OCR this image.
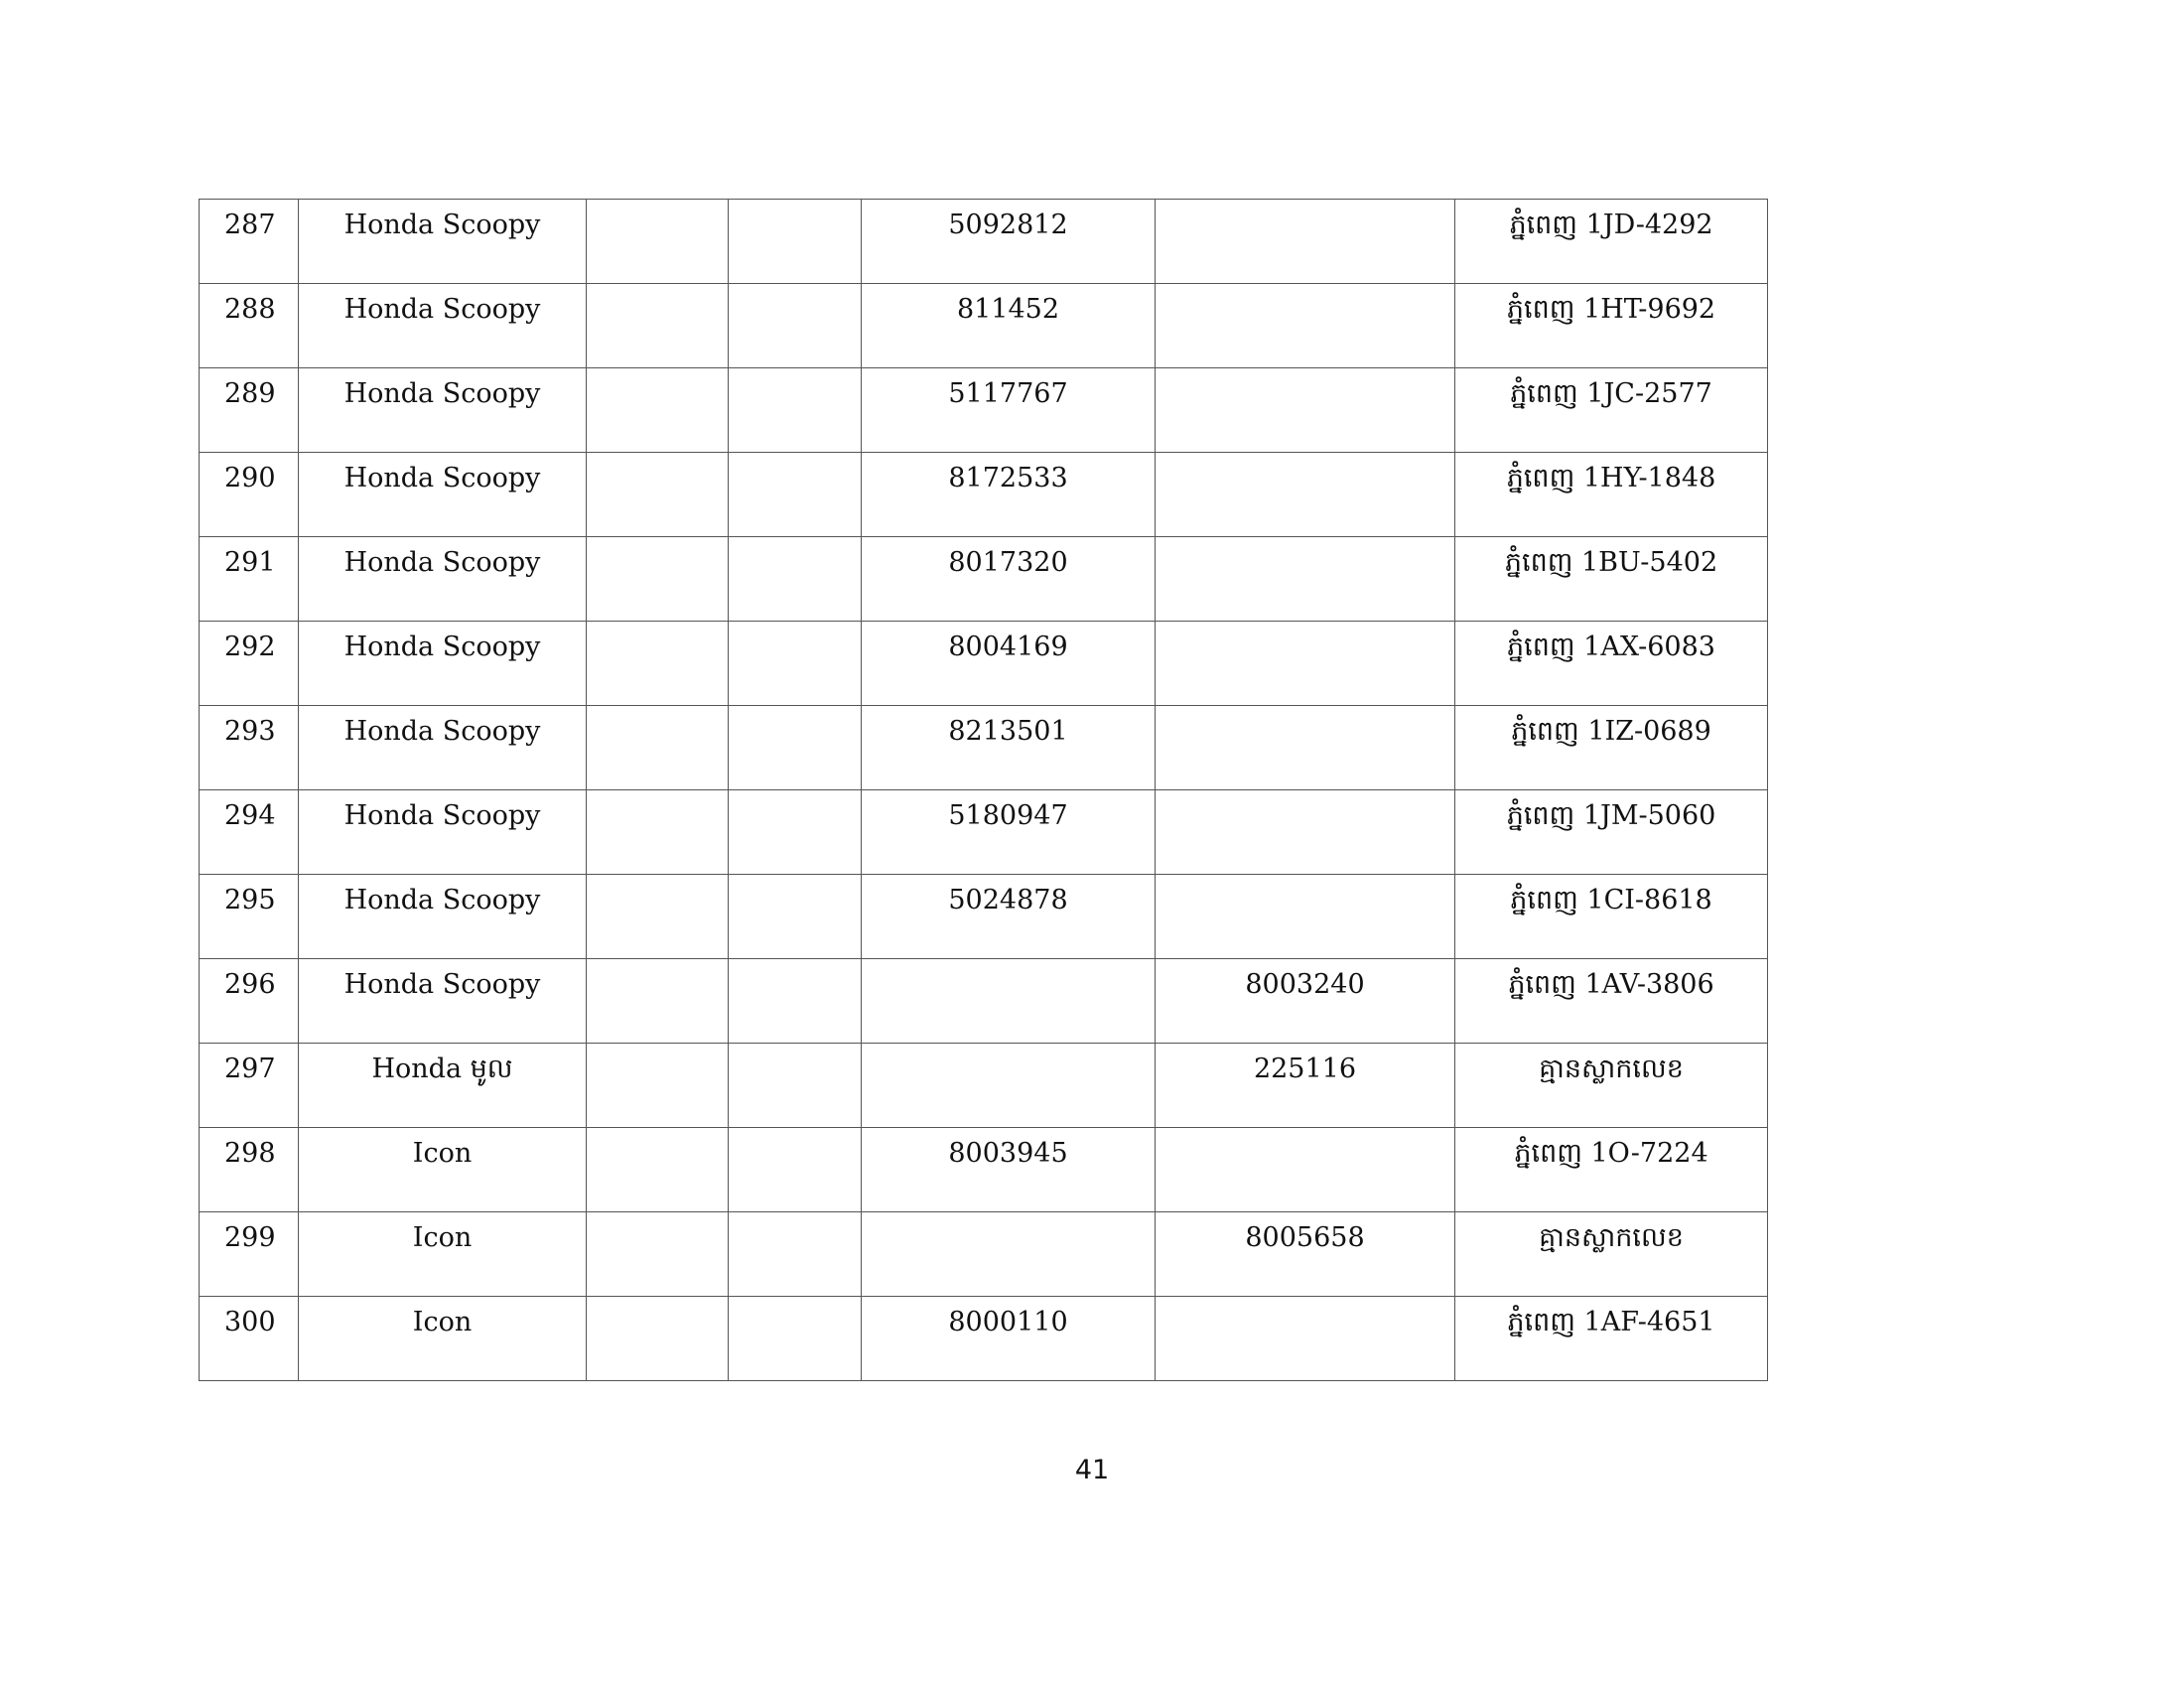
287	Honda Scoopy			5092812		ភ្នំពេញ 1JD-4292

288	Honda Scoopy			811452		ភ្នំពេញ 1HT-9692

289	Honda Scoopy			5117767		ភ្នំពេញ 1JC-2577

290	Honda Scoopy			8172533		ភ្នំពេញ 1HY-1848

291	Honda Scoopy			8017320		ភ្នំពេញ 1BU-5402

292	Honda Scoopy			8004169		ភ្នំពេញ 1AX-6083

293	Honda Scoopy			8213501		ភ្នំពេញ 1IZ-0689

294	Honda Scoopy			5180947		ភ្នំពេញ 1JM-5060

295	Honda Scoopy			5024878		ភ្នំពេញ 1CI-8618

296	Honda Scoopy				8003240	ភ្នំពេញ 1AV-3806

297	Honda មូល				225116	គ្មានស្លាកលេខ

298	Icon			8003945		ភ្នំពេញ 1O-7224

299	Icon				8005658	គ្មានស្លាកលេខ

300	Icon			8000110		ភ្នំពេញ 1AF-4651
41
